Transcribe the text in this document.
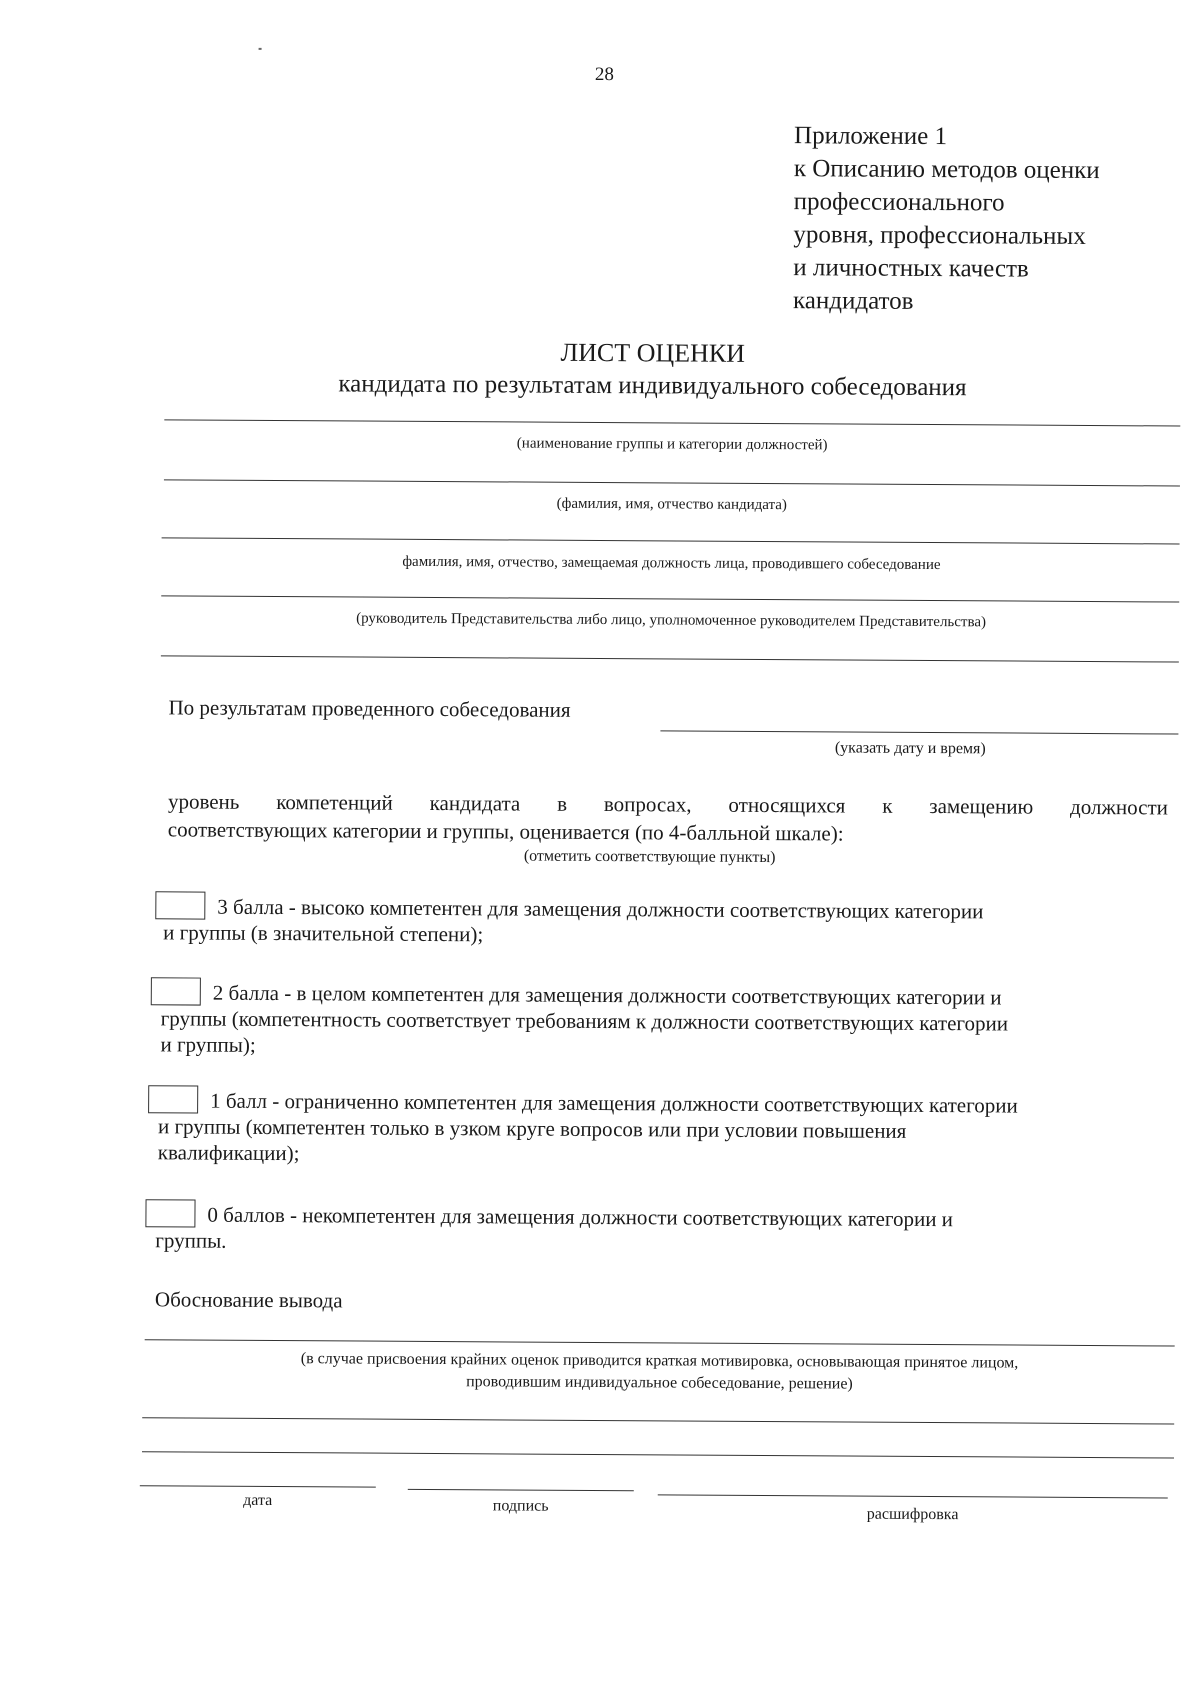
28
Приложение 1
к Описанию методов оценки
профессионального
уровня, профессиональных
и личностных качеств
кандидатов
ЛИСТ ОЦЕНКИ
кандидата по результатам индивидуального собеседования
(наименование группы и категории должностей)
(фамилия, имя, отчество кандидата)
фамилия, имя, отчество, замещаемая должность лица, проводившего собеседование
(руководитель Представительства либо лицо, уполномоченное руководителем Представительства)
По результатам проведенного собеседования
(указать дату и время)
уровень компетенций кандидата в вопросах, относящихся к замещению должности
соответствующих категории и группы, оценивается (по 4-балльной шкале):
(отметить соответствующие пункты)
3 балла - высоко компетентен для замещения должности соответствующих категории
и группы (в значительной степени);
2 балла - в целом компетентен для замещения должности соответствующих категории и
группы (компетентность соответствует требованиям к должности соответствующих категории
и группы);
1 балл - ограниченно компетентен для замещения должности соответствующих категории
и группы (компетентен только в узком круге вопросов или при условии повышения
квалификации);
0 баллов - некомпетентен для замещения должности соответствующих категории и
группы.
Обоснование вывода
(в случае присвоения крайних оценок приводится краткая мотивировка, основывающая принятое лицом,
проводившим индивидуальное собеседование, решение)
дата	подпись	расшифровка
